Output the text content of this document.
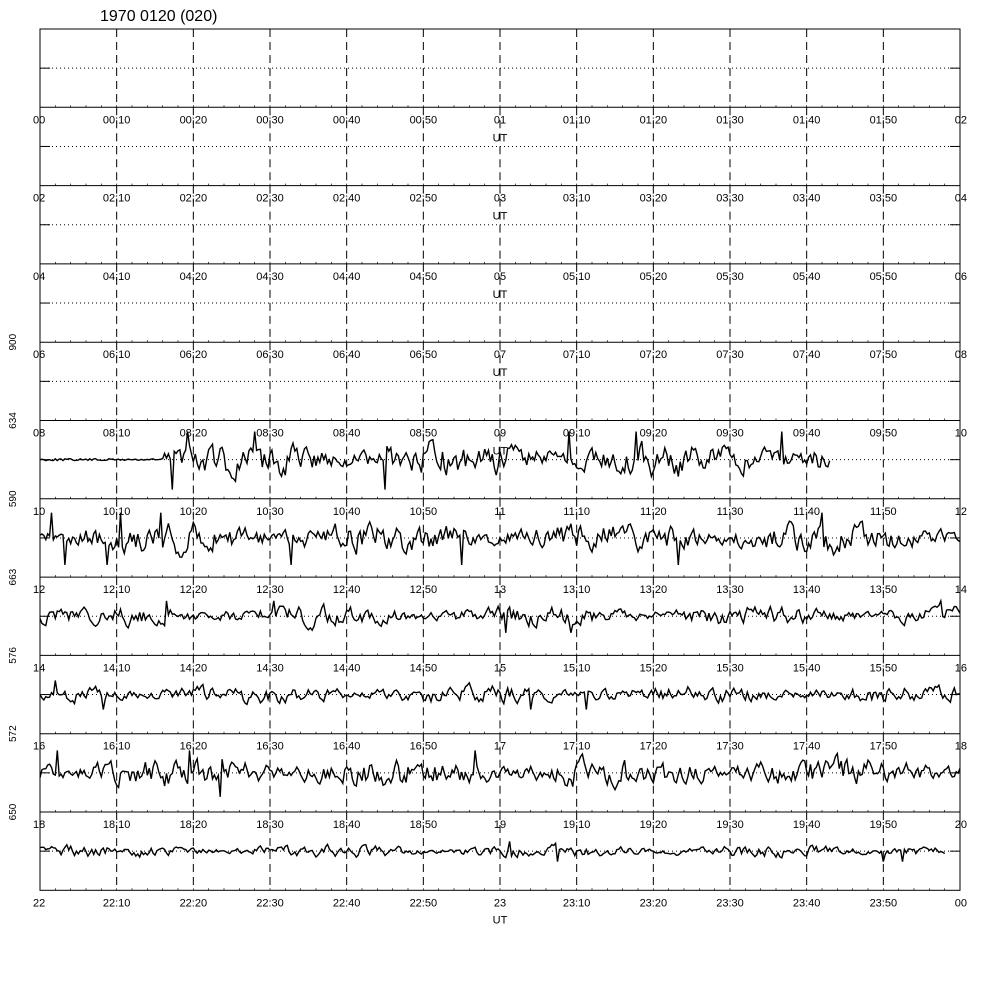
1970 0120 (020)
900
634
590
663
576
572
650
00	00:10	00:20	00:30	00:40	00:50	01	01:10	01:20	01:30	01:40	01:50	02
UT
02	02:10	02:20	02:30	02:40	02:50	03	03:10	03:20	03:30	03:40	03:50	04
UT
04	04:10	04:20	04:30	04:40	04:50	05	05:10	05:20	05:30	05:40	05:50	06
UT
06	06:10	06:20	06:30	06:40	06:50	07	07:10	07:20	07:30	07:40	07:50	08
UT
08	08:10	08:20	08:30	08:40	08:50	09	09:10	09:20	09:30	09:40	09:50	10
UT
10	10:10	10:20	10:30	10:40	10:50	11	11:10	11:20	11:30	11:40	11:50	12
12	12:10	12:20	12:30	12:40	12:50	13	13:10	13:20	13:30	13:40	13:50	14
14	14:10	14:20	14:30	14:40	14:50	15	15:10	15:20	15:30	15:40	15:50	16
16	16:10	16:20	16:30	16:40	16:50	17	17:10	17:20	17:30	17:40	17:50	18
18	18:10	18:20	18:30	18:40	18:50	19	19:10	19:20	19:30	19:40	19:50	20
22	22:10	22:20	22:30	22:40	22:50	23	23:10	23:20	23:30	23:40	23:50	00
UT
